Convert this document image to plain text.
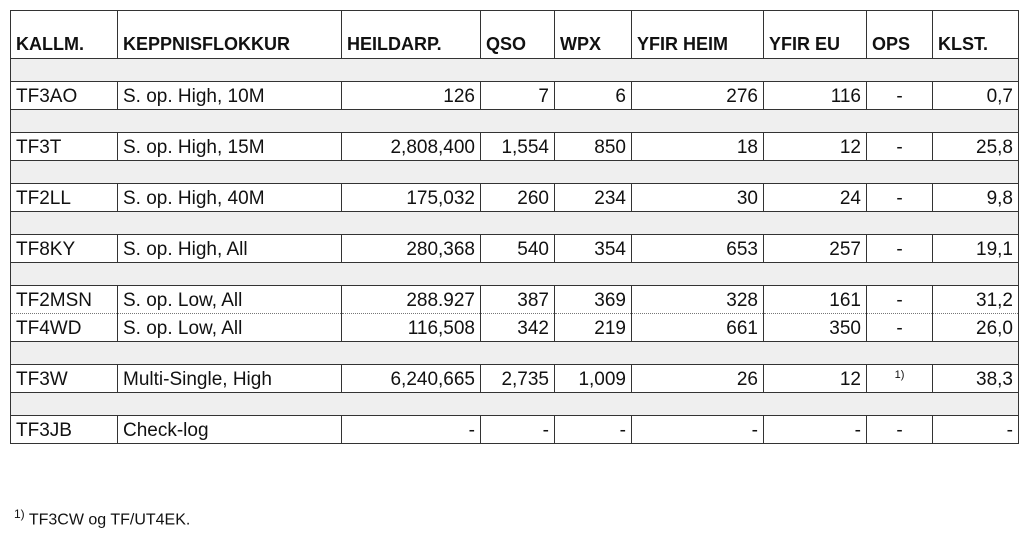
KALLM.	KEPPNISFLOKKUR	HEILDARP.	QSO	WPX	YFIR HEIM	YFIR EU	OPS	KLST.

TF3AO	S. op. High, 10M	126	7	6	276	116	-	0,7

TF3T	S. op. High, 15M	2,808,400	1,554	850	18	12	-	25,8

TF2LL	S. op. High, 40M	175,032	260	234	30	24	-	9,8

TF8KY	S. op. High, All	280,368	540	354	653	257	-	19,1

TF2MSN	S. op. Low, All	288.927	387	369	328	161	-	31,2
TF4WD	S. op. Low, All	116,508	342	219	661	350	-	26,0

TF3W	Multi-Single, High	6,240,665	2,735	1,009	26	12	$^{1)}$	38,3

TF3JB	Check-log	-	-	-	-	-	-	-
$^{1)}$ TF3CW og TF/UT4EK.
